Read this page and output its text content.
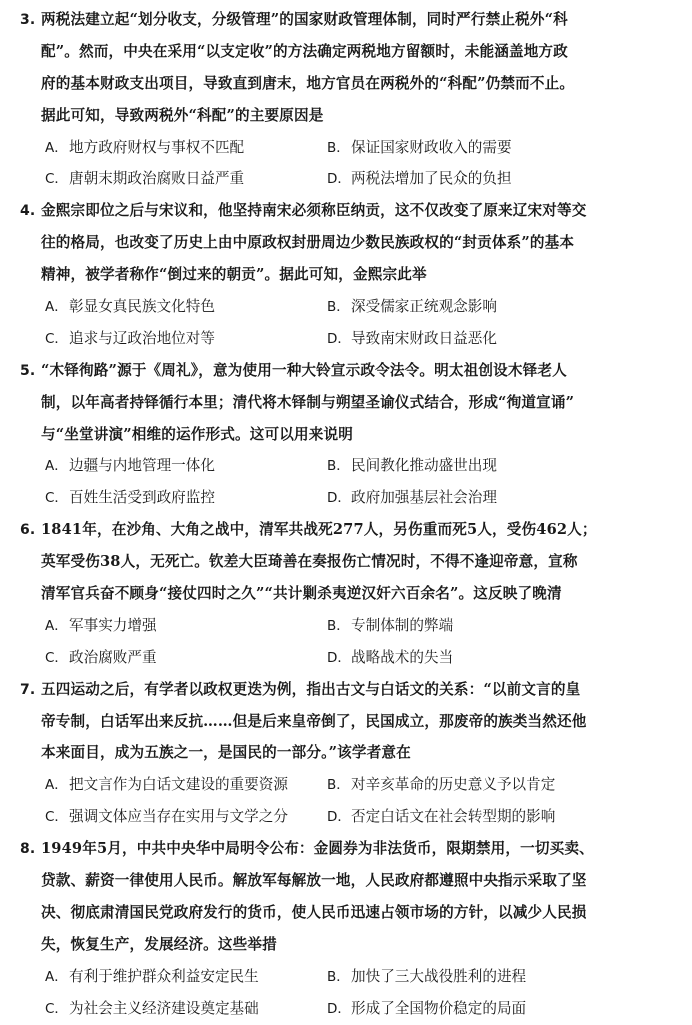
3. 两税法建立起“划分收支，分级管理”的国家财政管理体制，同时严行禁止税外“科
配”。然而，中央在采用“以支定收”的方法确定两税地方留额时，未能涵盖地方政
府的基本财政支出项目，导致直到唐末，地方官员在两税外的“科配”仍禁而不止。
据此可知，导致两税外“科配”的主要原因是
A．地方政府财权与事权不匹配	B．保证国家财政收入的需要
C．唐朝末期政治腐败日益严重	D．两税法增加了民众的负担
4. 金熙宗即位之后与宋议和，他坚持南宋必须称臣纳贡，这不仅改变了原来辽宋对等交
往的格局，也改变了历史上由中原政权封册周边少数民族政权的“封贡体系”的基本
精神，被学者称作“倒过来的朝贡”。据此可知，金熙宗此举
A．彰显女真民族文化特色	B．深受儒家正统观念影响
C．追求与辽政治地位对等	D．导致南宋财政日益恶化
5. “木铎徇路”源于《周礼》，意为使用一种大铃宣示政令法令。明太祖创设木铎老人
制，以年高者持铎循行本里；清代将木铎制与朔望圣谕仪式结合，形成“徇道宣诵”
与“坐堂讲演”相维的运作形式。这可以用来说明
A．边疆与内地管理一体化	B．民间教化推动盛世出现
C．百姓生活受到政府监控	D．政府加强基层社会治理
6. 1841年，在沙角、大角之战中，清军共战死277人，另伤重而死5人，受伤462人；
英军受伤38人，无死亡。钦差大臣琦善在奏报伤亡情况时，不得不逢迎帝意，宣称
清军官兵奋不顾身“接仗四时之久”“共计剿杀夷逆汉奸六百余名”。这反映了晚清
A．军事实力增强	B．专制体制的弊端
C．政治腐败严重	D．战略战术的失当
7. 五四运动之后，有学者以政权更迭为例，指出古文与白话文的关系：“以前文言的皇
帝专制，白话军出来反抗……但是后来皇帝倒了，民国成立，那废帝的族类当然还他
本来面目，成为五族之一，是国民的一部分。”该学者意在
A．把文言作为白话文建设的重要资源	B．对辛亥革命的历史意义予以肯定
C．强调文体应当存在实用与文学之分	D．否定白话文在社会转型期的影响
8. 1949年5月，中共中央华中局明令公布：金圆券为非法货币，限期禁用，一切买卖、
贷款、薪资一律使用人民币。解放军每解放一地，人民政府都遵照中央指示采取了坚
决、彻底肃清国民党政府发行的货币，使人民币迅速占领市场的方针，以减少人民损
失，恢复生产，发展经济。这些举措
A．有利于维护群众利益安定民生	B．加快了三大战役胜利的进程
C．为社会主义经济建设奠定基础	D．形成了全国物价稳定的局面
